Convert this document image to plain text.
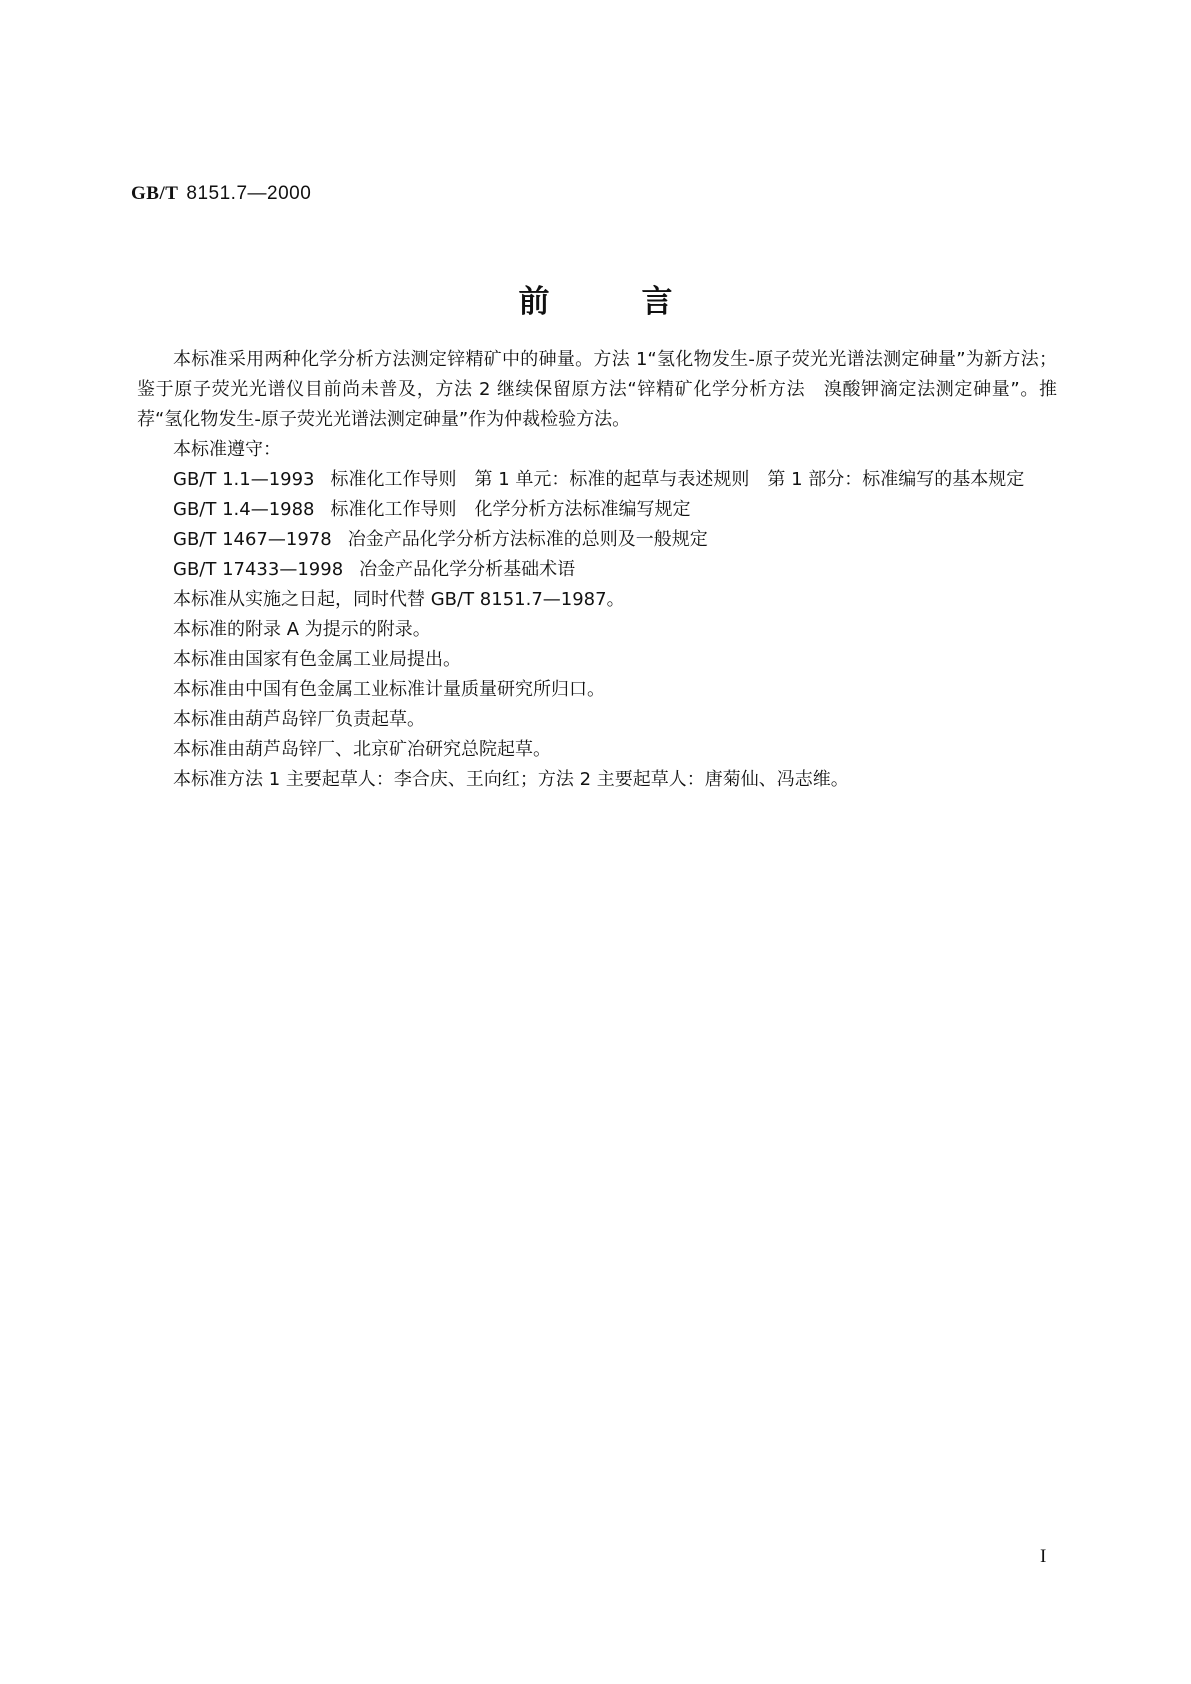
GB/T 8151.7—2000
前言

本标准采用两种化学分析方法测定锌精矿中的砷量。方法 1“氢化物发生-原子荧光光谱法测定砷量”为新方法；鉴于原子荧光光谱仪目前尚未普及，方法 2 继续保留原方法“锌精矿化学分析方法　溴酸钾滴定法测定砷量”。推荐“氢化物发生-原子荧光光谱法测定砷量”作为仲裁检验方法。

本标准遵守：
GB/T 1.1—1993 标准化工作导则　第 1 单元：标准的起草与表述规则　第 1 部分：标准编写的基本规定
GB/T 1.4—1988 标准化工作导则　化学分析方法标准编写规定
GB/T 1467—1978 冶金产品化学分析方法标准的总则及一般规定
GB/T 17433—1998 冶金产品化学分析基础术语
本标准从实施之日起，同时代替 GB/T 8151.7—1987。
本标准的附录 A 为提示的附录。
本标准由国家有色金属工业局提出。
本标准由中国有色金属工业标准计量质量研究所归口。
本标准由葫芦岛锌厂负责起草。
本标准由葫芦岛锌厂、北京矿冶研究总院起草。
本标准方法 1 主要起草人：李合庆、王向红；方法 2 主要起草人：唐菊仙、冯志维。
I
